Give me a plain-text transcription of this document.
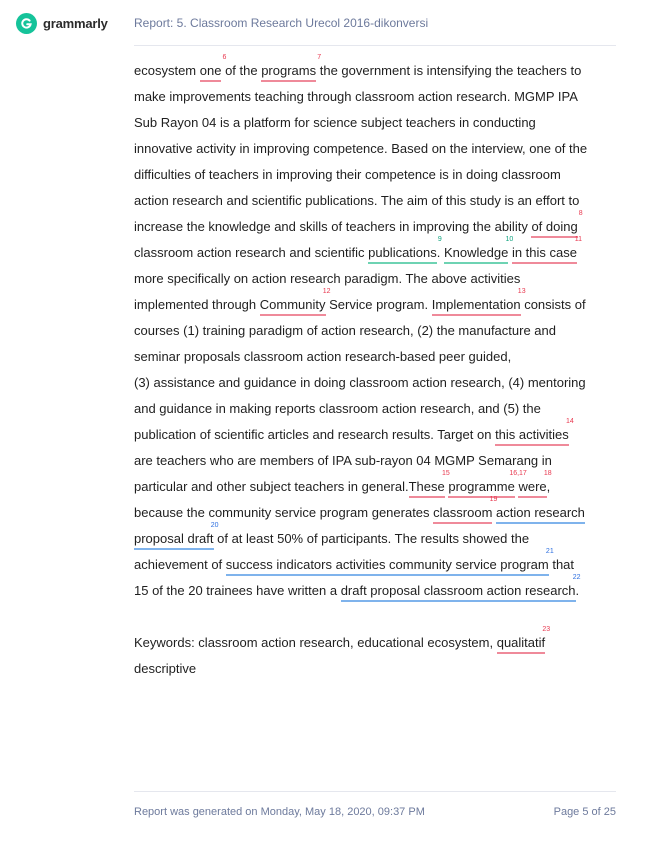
grammarly Report: 5. Classroom Research Urecol 2016-dikonversi
ecosystem one
6
of the programs
7
the government is intensifying the teachers to
make improvements teaching through classroom action research. MGMP IPA
Sub Rayon 04 is a platform for science subject teachers in conducting
innovative activity in improving competence. Based on the interview, one of the
difficulties of teachers in improving their competence is in doing classroom
action research and scientific publications. The aim of this study is an effort to
increase the knowledge and skills of teachers in improving the ability of doing
8
classroom action research and scientific publications
9
. Knowledge
10
in this case
11
more specifically on action research paradigm. The above activities
implemented through Community
12
Service program. Implementation
13
consists of
courses (1) training paradigm of action research, (2) the manufacture and
seminar proposals classroom action research-based peer guided,
(3) assistance and guidance in doing classroom action research, (4) mentoring
and guidance in making reports classroom action research, and (5) the
publication of scientific articles and research results. Target on this activities
14
are teachers who are members of IPA sub-rayon 04 MGMP Semarang in
particular and other subject teachers in general.These
15
programme
16,17
were
18
,
because the community service program generates classroom
19
action research
proposal draft
20
of at least 50% of participants. The results showed the
achievement of success indicators activities community service program
21
that
15 of the 20 trainees have written a draft proposal classroom action research
22
.
Keywords: classroom action research, educational ecosystem, qualitatif
23
descriptive
Report was generated on Monday, May 18, 2020, 09:37 PM	Page 5 of 25
